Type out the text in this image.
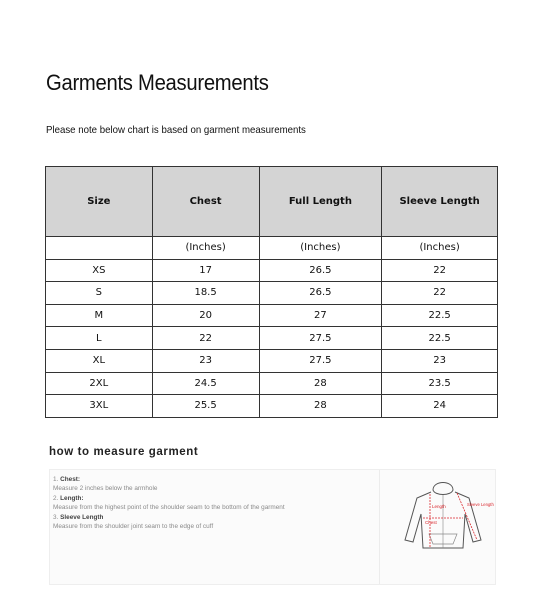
Garments Measurements
Please note below chart is based on garment measurements
Size	Chest	Full Length	Sleeve Length
	(Inches)	(Inches)	(Inches)
XS	17	26.5	22
S	18.5	26.5	22
M	20	27	22.5
L	22	27.5	22.5
XL	23	27.5	23
2XL	24.5	28	23.5
3XL	25.5	28	24
how to measure garment
1. Chest:
Measure 2 inches below the armhole
2. Length:
Measure from the highest point of the shoulder seam to the bottom of the garment
3. Sleeve Length
Measure from the shoulder joint seam to the edge of cuff
Length
Chest
Sleeve Length
